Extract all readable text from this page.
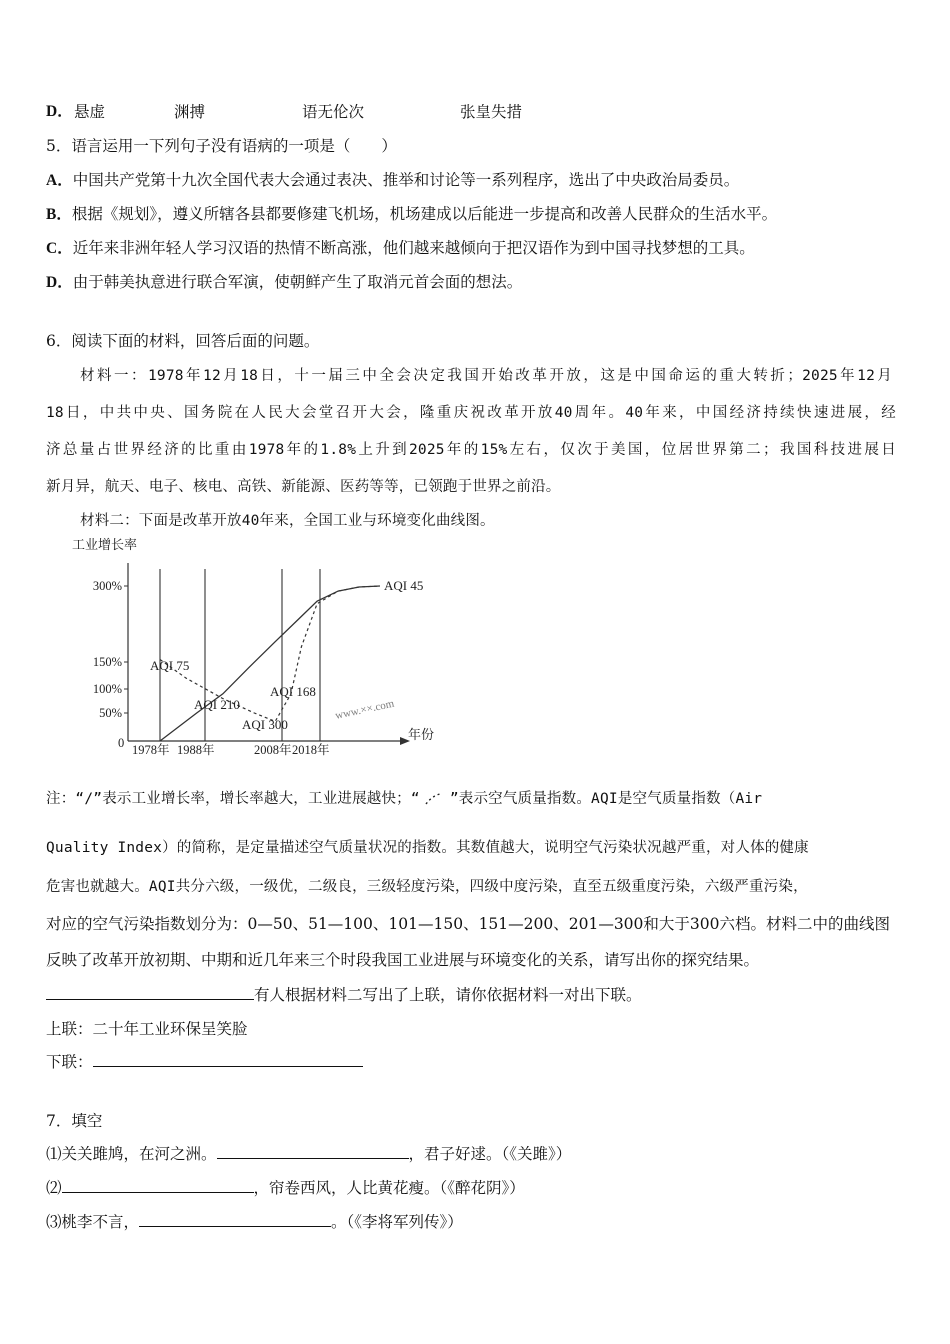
D． 悬虚	渊搏	语无伦次	张皇失措
5．语言运用一下列句子没有语病的一项是（　　）
A．中国共产党第十九次全国代表大会通过表决、推举和讨论等一系列程序，选出了中央政治局委员。
B．根据《规划》，遵义所辖各县都要修建飞机场，机场建成以后能进一步提高和改善人民群众的生活水平。
C．近年来非洲年轻人学习汉语的热情不断高涨，他们越来越倾向于把汉语作为到中国寻找梦想的工具。
D．由于韩美执意进行联合军演，使朝鲜产生了取消元首会面的想法。
6．阅读下面的材料，回答后面的问题。
材料一：1978年12月18日，十一届三中全会决定我国开始改革开放，这是中国命运的重大转折；2025年12月
18日，中共中央、国务院在人民大会堂召开大会，隆重庆祝改革开放40周年。40年来，中国经济持续快速进展，经
济总量占世界经济的比重由1978年的1.8%上升到2025年的15%左右，仅次于美国，位居世界第二；我国科技进展日
新月异，航天、电子、核电、高铁、新能源、医药等等，已领跑于世界之前沿。
材料二：下面是改革开放40年来，全国工业与环境变化曲线图。
工业增长率
年份
www.××.com
50%
100%
150%
300%
0 1978年 1988年	2008年 2018年
AQI 75
AQI 210
AQI 300
AQI 168
AQI 45
注：“/”表示工业增长率，增长率越大，工业进展越快；“ ”表示空气质量指数。AQI是空气质量指数（Air
Quality Index）的简称，是定量描述空气质量状况的指数。其数值越大，说明空气污染状况越严重，对人体的健康
危害也就越大。AQI共分六级，一级优，二级良，三级轻度污染，四级中度污染，直至五级重度污染，六级严重污染，
对应的空气污染指数划分为：0—50、51—100、101—150、151—200、201—300和大于300六档。材料二中的曲线图
反映了改革开放初期、中期和近几年来三个时段我国工业进展与环境变化的关系，请写出你的探究结果。
有人根据材料二写出了上联，请你依据材料一对出下联。
上联：二十年工业环保呈笑脸
下联：
7．填空
⑴关关雎鸠，在河之洲。	，君子好逑。（《关雎》）
⑵	，帘卷西风，人比黄花瘦。（《醉花阴》）
⑶桃李不言，	。（《李将军列传》）
